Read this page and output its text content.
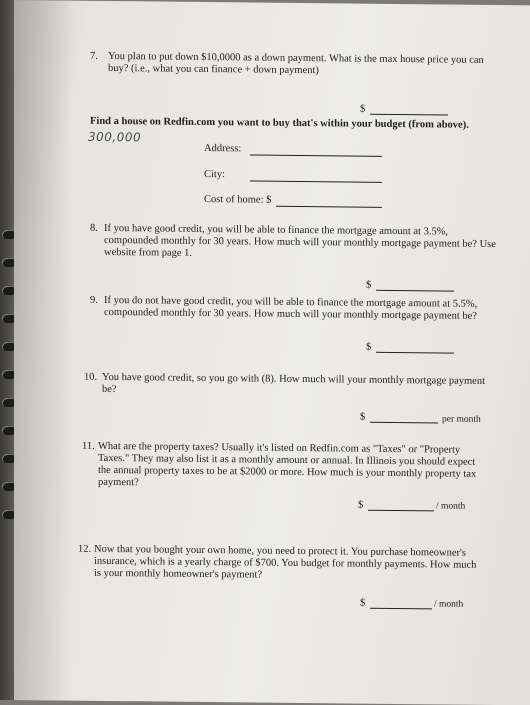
7. You plan to put down $10,0000 as a down payment. What is the max house price you can
buy? (i.e., what you can finance + down payment)
$
Find a house on Redfin.com you want to buy that's within your budget (from above).
300,000
Address:
City:
Cost of home: $
8. If you have good credit, you will be able to finance the mortgage amount at 3.5%,
compounded monthly for 30 years. How much will your monthly mortgage payment be? Use
website from page 1.
$
9. If you do not have good credit, you will be able to finance the mortgage amount at 5.5%,
compounded monthly for 30 years. How much will your monthly mortgage payment be?
$
10. You have good credit, so you go with (8). How much will your monthly mortgage payment
be?
$	per month
11. What are the property taxes? Usually it's listed on Redfin.com as "Taxes" or "Property
Taxes." They may also list it as a monthly amount or annual. In Illinois you should expect
the annual property taxes to be at $2000 or more. How much is your monthly property tax
payment?
$	/ month
12. Now that you bought your own home, you need to protect it. You purchase homeowner's
insurance, which is a yearly charge of $700. You budget for monthly payments. How much
is your monthly homeowner's payment?
$	/ month
